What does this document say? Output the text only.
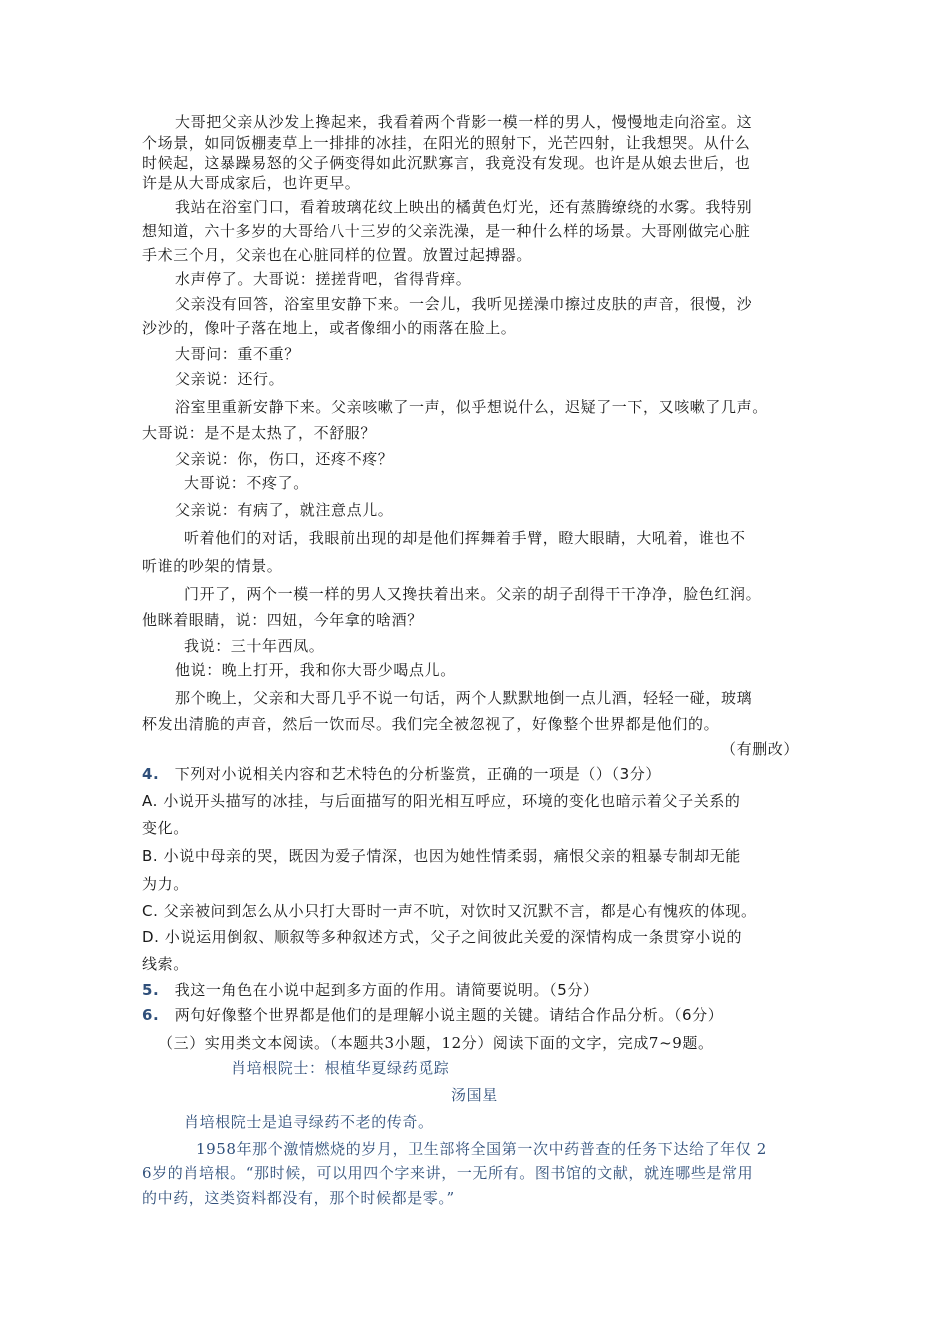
大哥把父亲从沙发上搀起来，我看着两个背影一模一样的男人，慢慢地走向浴室。这
个场景，如同饭棚麦草上一排排的冰挂，在阳光的照射下，光芒四射，让我想哭。从什么
时候起，这暴躁易怒的父子俩变得如此沉默寡言，我竟没有发现。也许是从娘去世后，也
许是从大哥成家后，也许更早。
我站在浴室门口，看着玻璃花纹上映出的橘黄色灯光，还有蒸腾缭绕的水雾。我特别
想知道，六十多岁的大哥给八十三岁的父亲洗澡，是一种什么样的场景。大哥刚做完心脏
手术三个月，父亲也在心脏同样的位置。放置过起搏器。
水声停了。大哥说：搓搓背吧，省得背痒。
父亲没有回答，浴室里安静下来。一会儿，我听见搓澡巾擦过皮肤的声音，很慢，沙
沙沙的，像叶子落在地上，或者像细小的雨落在脸上。
大哥问：重不重？
父亲说：还行。
浴室里重新安静下来。父亲咳嗽了一声，似乎想说什么，迟疑了一下，又咳嗽了几声。
大哥说：是不是太热了，不舒服？
父亲说：你，伤口，还疼不疼？
大哥说：不疼了。
父亲说：有病了，就注意点儿。
听着他们的对话，我眼前出现的却是他们挥舞着手臂，瞪大眼睛，大吼着，谁也不
听谁的吵架的情景。
门开了，两个一模一样的男人又搀扶着出来。父亲的胡子刮得干干净净，脸色红润。
他眯着眼睛，说：四妞，今年拿的啥酒？
我说：三十年西凤。
他说：晚上打开，我和你大哥少喝点儿。
那个晚上，父亲和大哥几乎不说一句话，两个人默默地倒一点儿酒，轻轻一碰，玻璃
杯发出清脆的声音，然后一饮而尽。我们完全被忽视了，好像整个世界都是他们的。
（有删改）
4. 下列对小说相关内容和艺术特色的分析鉴赏，正确的一项是（）（3分）
A. 小说开头描写的冰挂，与后面描写的阳光相互呼应，环境的变化也暗示着父子关系的
变化。
B. 小说中母亲的哭，既因为爱子情深，也因为她性情柔弱，痛恨父亲的粗暴专制却无能
为力。
C. 父亲被问到怎么从小只打大哥时一声不吭，对饮时又沉默不言，都是心有愧疚的体现。
D. 小说运用倒叙、顺叙等多种叙述方式，父子之间彼此关爱的深情构成一条贯穿小说的
线索。
5. 我这一角色在小说中起到多方面的作用。请简要说明。（5分）
6. 两句好像整个世界都是他们的是理解小说主题的关键。请结合作品分析。（6分）
（三）实用类文本阅读。（本题共3小题，12分）阅读下面的文字，完成7~9题。
肖培根院士：根植华夏绿药觅踪
汤国星
肖培根院士是追寻绿药不老的传奇。
1958年那个激情燃烧的岁月，卫生部将全国第一次中药普查的任务下达给了年仅 2
6岁的肖培根。“那时候，可以用四个字来讲，一无所有。图书馆的文献，就连哪些是常用
的中药，这类资料都没有，那个时候都是零。”
